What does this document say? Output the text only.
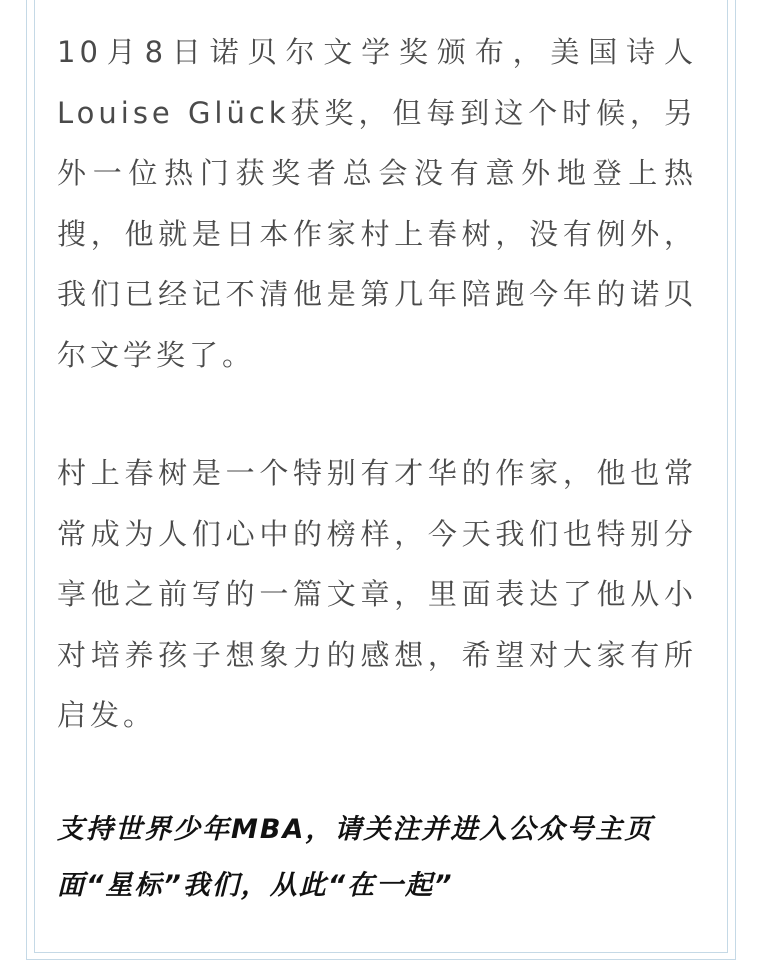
10月8日诺贝尔文学奖颁布，美国诗人Louise Glück获奖，但每到这个时候，另外一位热门获奖者总会没有意外地登上热搜，他就是日本作家村上春树，没有例外，我们已经记不清他是第几年陪跑今年的诺贝尔文学奖了。

村上春树是一个特别有才华的作家，他也常常成为人们心中的榜样，今天我们也特别分享他之前写的一篇文章，里面表达了他从小对培养孩子想象力的感想，希望对大家有所启发。

支持世界少年MBA，请关注并进入公众号主页面“星标”我们，从此“在一起”
